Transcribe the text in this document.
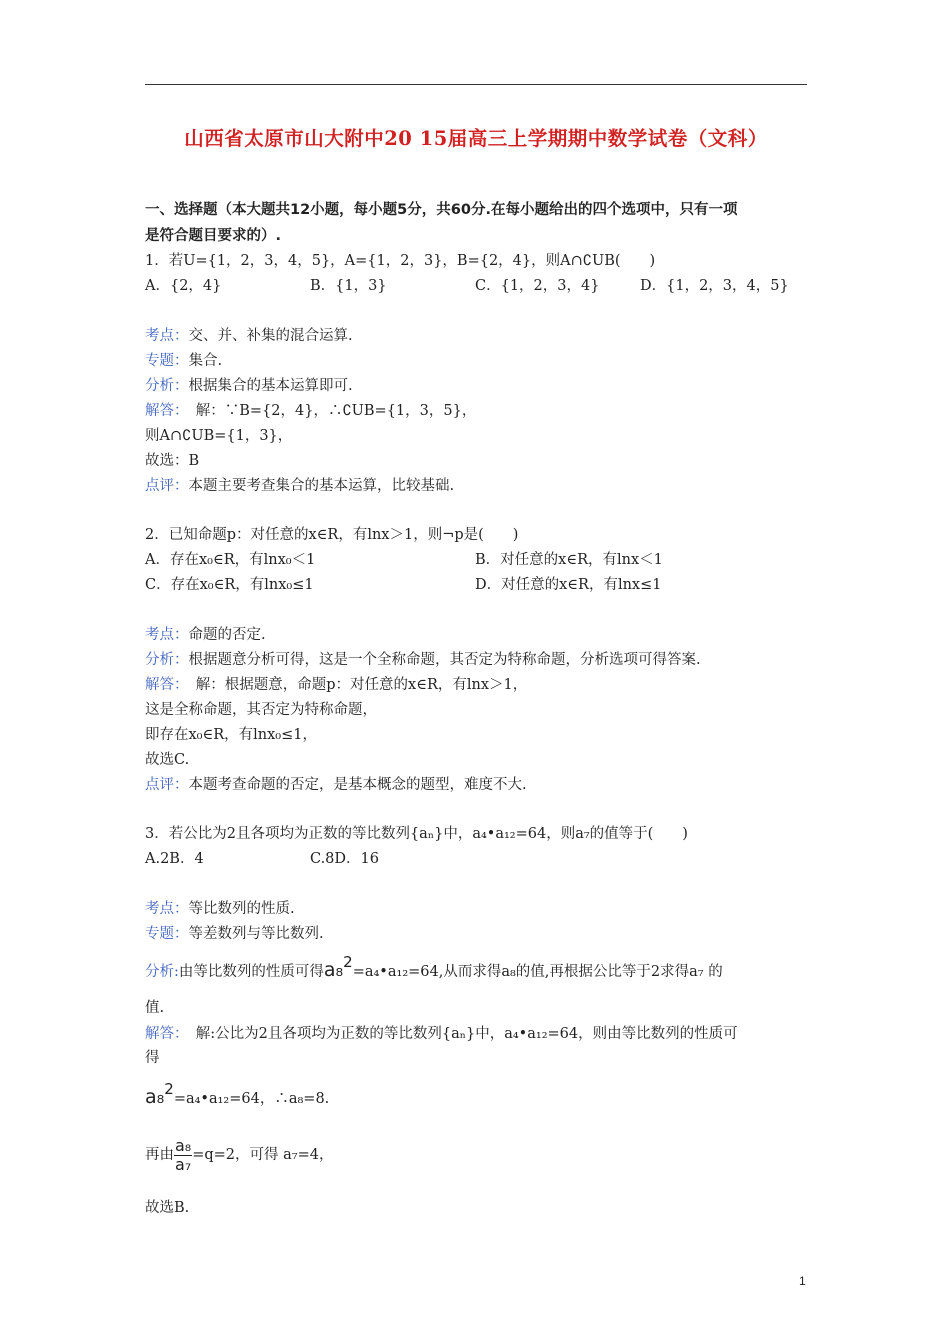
山西省太原市山大附中20 15届高三上学期期中数学试卷（文科）
一、选择题（本大题共12小题，每小题5分，共60分.在每小题给出的四个选项中，只有一项
是符合题目要求的）.
1．若U={1，2，3，4，5}，A={1，2，3}，B={2，4}，则A∩∁UB(　　)
A．{2，4}	B．{1，3}	C．{1，2，3，4}	D．{1，2，3，4，5}
考点：交、并、补集的混合运算.
专题：集合.
分析：根据集合的基本运算即可.
解答：　解：∵B={2，4}，∴∁UB={1，3，5}，
则A∩∁UB={1，3}，
故选：B
点评：本题主要考查集合的基本运算，比较基础.
2．已知命题p：对任意的x∈R，有lnx＞1，则¬p是(　　)
A．存在x₀∈R，有lnx₀＜1	B．对任意的x∈R，有lnx＜1
C．存在x₀∈R，有lnx₀≤1	D．对任意的x∈R，有lnx≤1
考点：命题的否定.
分析：根据题意分析可得，这是一个全称命题，其否定为特称命题，分析选项可得答案.
解答：　解：根据题意，命题p：对任意的x∈R，有lnx＞1，
这是全称命题，其否定为特称命题，
即存在x₀∈R，有lnx₀≤1，
故选C.
点评：本题考查命题的否定，是基本概念的题型，难度不大.
3．若公比为2且各项均为正数的等比数列{aₙ}中，a₄•a₁₂=64，则a₇的值等于(　　)
A.2B．4	C.8D．16
考点：等比数列的性质.
专题：等差数列与等比数列.
分析:由等比数列的性质可得a₈2=a₄•a₁₂=64,从而求得a₈的值,再根据公比等于2求得a₇ 的
值.
解答：　解:公比为2且各项均为正数的等比数列{aₙ}中，a₄•a₁₂=64，则由等比数列的性质可
得
a₈2=a₄•a₁₂=64，∴a₈=8.
再由 $\frac{\text{a₈}}{\text{a₇}} =q=2$，可得 a₇=4，
故选B.
1
